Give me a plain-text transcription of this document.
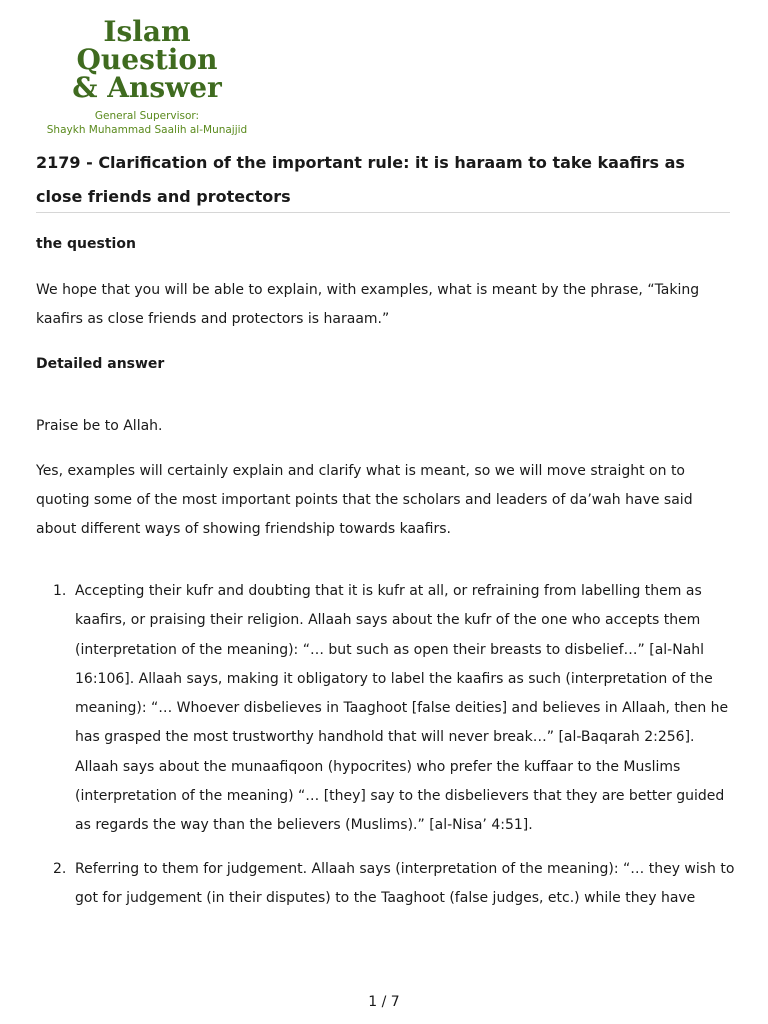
Islam Question
& Answer
General Supervisor:
Shaykh Muhammad Saalih al-Munajjid
2179 - Clarification of the important rule: it is haraam to take kaafirs as close friends and protectors
the question

We hope that you will be able to explain, with examples, what is meant by the phrase, “Taking kaafirs as close friends and protectors is haraam.”

Detailed answer

Praise be to Allah.

Yes, examples will certainly explain and clarify what is meant, so we will move straight on to quoting some of the most important points that the scholars and leaders of da’wah have said about different ways of showing friendship towards kaafirs.

1. Accepting their kufr and doubting that it is kufr at all, or refraining from labelling them as kaafirs, or praising their religion. Allaah says about the kufr of the one who accepts them (interpretation of the meaning): “… but such as open their breasts to disbelief…” [al-Nahl 16:106]. Allaah says, making it obligatory to label the kaafirs as such (interpretation of the meaning): “… Whoever disbelieves in Taaghoot [false deities] and believes in Allaah, then he has grasped the most trustworthy handhold that will never break…” [al-Baqarah 2:256]. Allaah says about the munaafiqoon (hypocrites) who prefer the kuffaar to the Muslims (interpretation of the meaning) “… [they] say to the disbelievers that they are better guided as regards the way than the believers (Muslims).” [al-Nisa’ 4:51].
2. Referring to them for judgement. Allaah says (interpretation of the meaning): “… they wish to got for judgement (in their disputes) to the Taaghoot (false judges, etc.) while they have
1 / 7
